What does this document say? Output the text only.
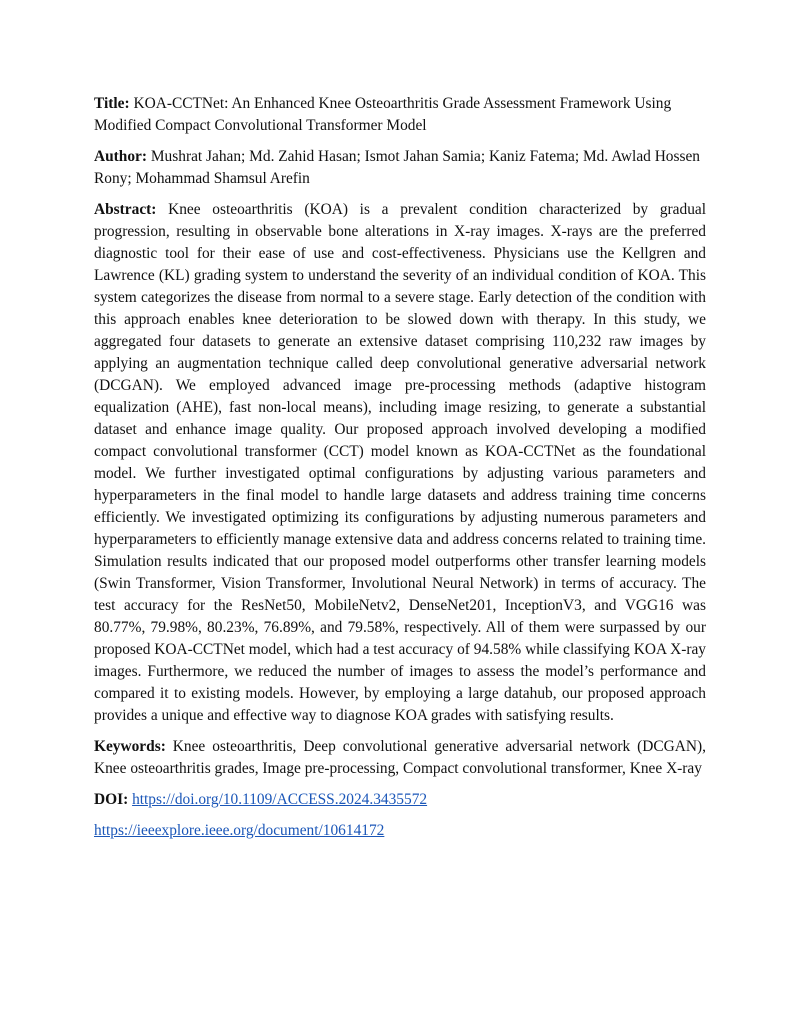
Title: KOA-CCTNet: An Enhanced Knee Osteoarthritis Grade Assessment Framework Using Modified Compact Convolutional Transformer Model

Author: Mushrat Jahan; Md. Zahid Hasan; Ismot Jahan Samia; Kaniz Fatema; Md. Awlad Hossen Rony; Mohammad Shamsul Arefin

Abstract: Knee osteoarthritis (KOA) is a prevalent condition characterized by gradual progression, resulting in observable bone alterations in X-ray images. X-rays are the preferred diagnostic tool for their ease of use and cost-effectiveness. Physicians use the Kellgren and Lawrence (KL) grading system to understand the severity of an individual condition of KOA. This system categorizes the disease from normal to a severe stage. Early detection of the condition with this approach enables knee deterioration to be slowed down with therapy. In this study, we aggregated four datasets to generate an extensive dataset comprising 110,232 raw images by applying an augmentation technique called deep convolutional generative adversarial network (DCGAN). We employed advanced image pre-processing methods (adaptive histogram equalization (AHE), fast non-local means), including image resizing, to generate a substantial dataset and enhance image quality. Our proposed approach involved developing a modified compact convolutional transformer (CCT) model known as KOA-CCTNet as the foundational model. We further investigated optimal configurations by adjusting various parameters and hyperparameters in the final model to handle large datasets and address training time concerns efficiently. We investigated optimizing its configurations by adjusting numerous parameters and hyperparameters to efficiently manage extensive data and address concerns related to training time. Simulation results indicated that our proposed model outperforms other transfer learning models (Swin Transformer, Vision Transformer, Involutional Neural Network) in terms of accuracy. The test accuracy for the ResNet50, MobileNetv2, DenseNet201, InceptionV3, and VGG16 was 80.77%, 79.98%, 80.23%, 76.89%, and 79.58%, respectively. All of them were surpassed by our proposed KOA-CCTNet model, which had a test accuracy of 94.58% while classifying KOA X-ray images. Furthermore, we reduced the number of images to assess the model’s performance and compared it to existing models. However, by employing a large datahub, our proposed approach provides a unique and effective way to diagnose KOA grades with satisfying results.

Keywords: Knee osteoarthritis, Deep convolutional generative adversarial network (DCGAN), Knee osteoarthritis grades, Image pre-processing, Compact convolutional transformer, Knee X-ray

DOI: https://doi.org/10.1109/ACCESS.2024.3435572

https://ieeexplore.ieee.org/document/10614172
